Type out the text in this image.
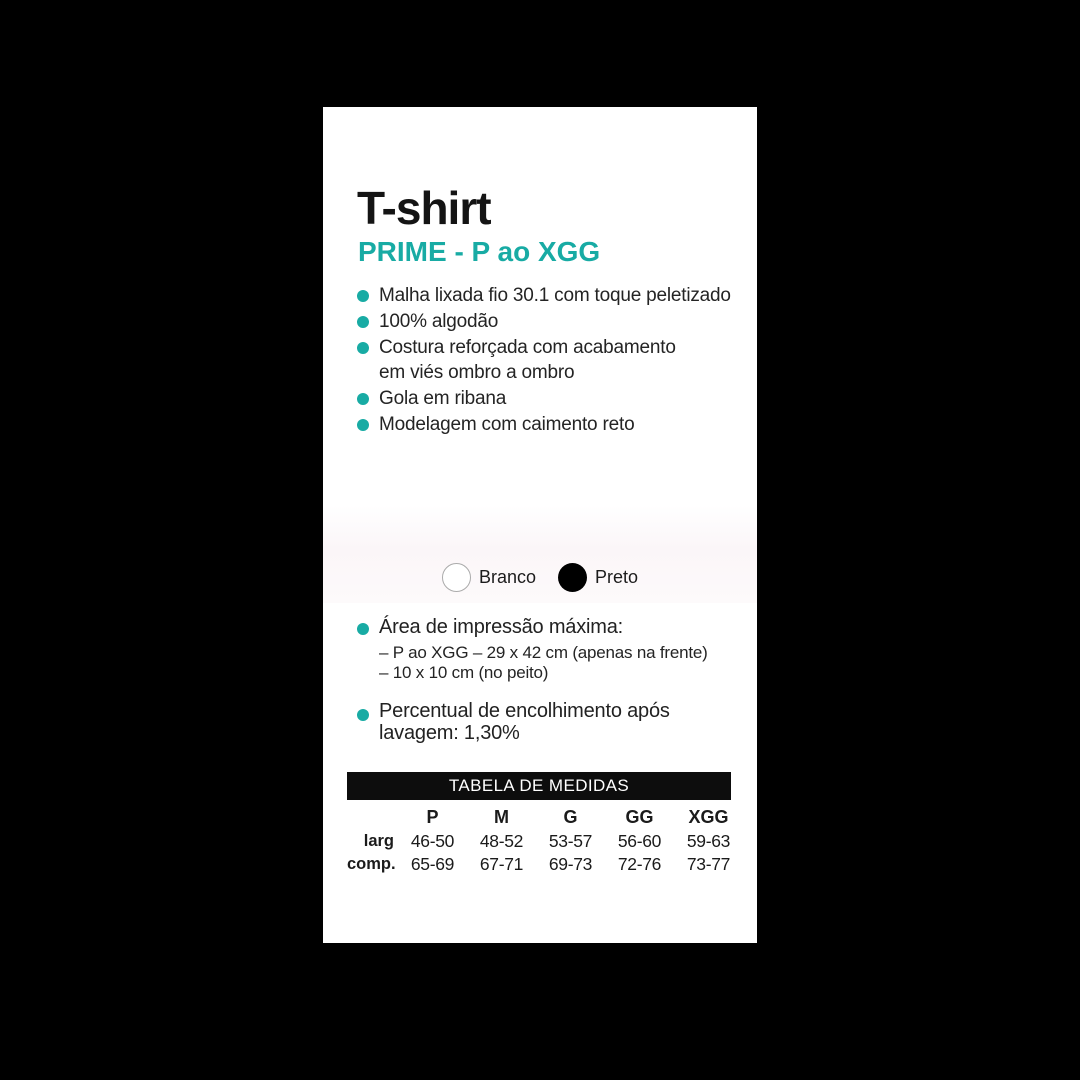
T-shirt
PRIME - P ao XGG
Malha lixada fio 30.1 com toque peletizado
100% algodão
Costura reforçada com acabamento
em viés ombro a ombro
Gola em ribana
Modelagem com caimento reto
Branco	Preto
Área de impressão máxima:
– P ao XGG – 29 x 42 cm (apenas na frente)
– 10 x 10 cm (no peito)
Percentual de encolhimento após
lavagem: 1,30%
TABELA DE MEDIDAS
P	M	G	GG	XGG
larg 46-50	48-52	53-57	56-60	59-63
comp. 65-69	67-71	69-73	72-76	73-77
